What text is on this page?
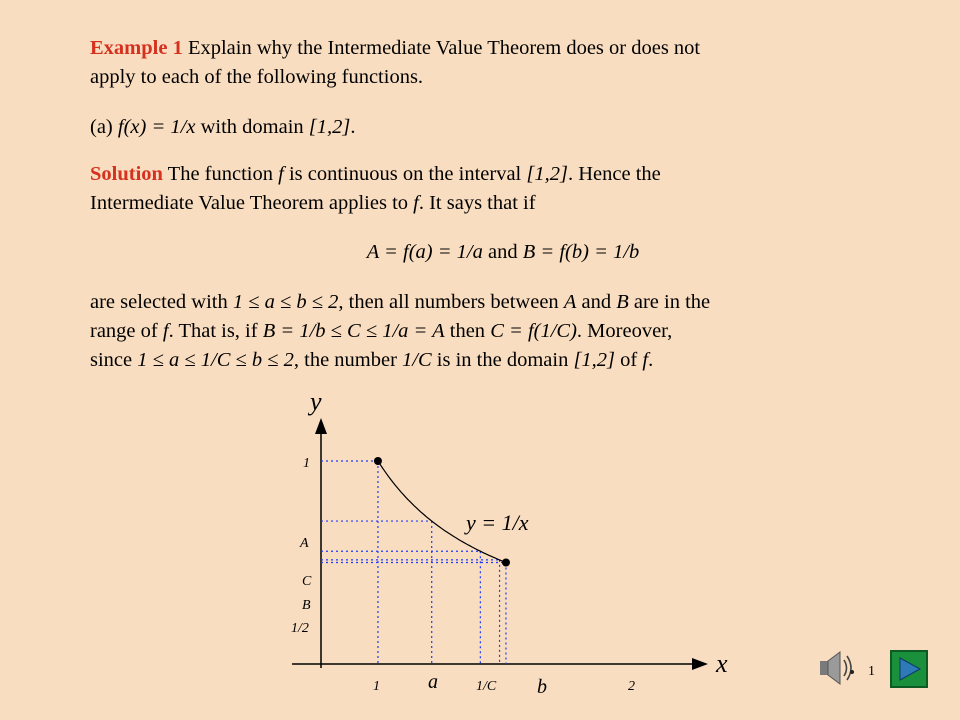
Example 1 Explain why the Intermediate Value Theorem does or does not
apply to each of the following functions.

(a) f(x) = 1/x with domain [1,2].

Solution The function f is continuous on the interval [1,2]. Hence the
Intermediate Value Theorem applies to f. It says that if

A = f(a) = 1/a and B = f(b) = 1/b

are selected with 1 ≤ a ≤ b ≤ 2, then all numbers between A and B are in the
range of f. That is, if B = 1/b ≤ C ≤ 1/a = A then C = f(1/C). Moreover,
since 1 ≤ a ≤ 1/C ≤ b ≤ 2, the number 1/C is in the domain [1,2] of f.

y
x
y = 1/x
1
A
C
B
1/2
1 a	1/C b	2
1
